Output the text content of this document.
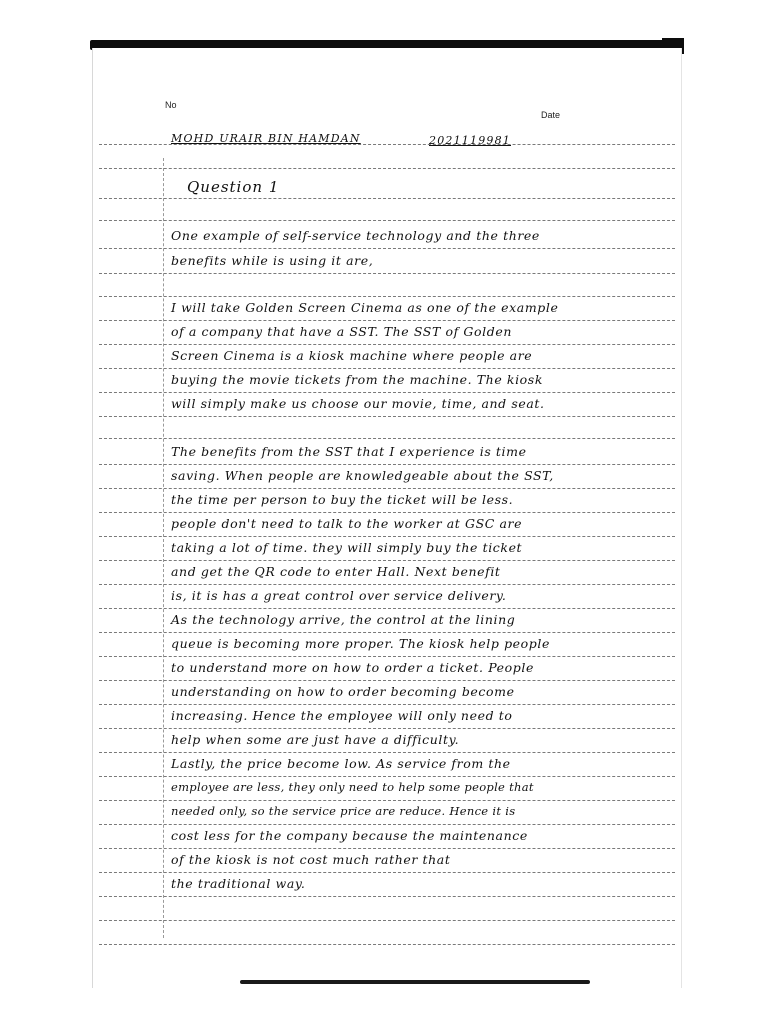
No
Date
MOHD URAIR BIN HAMDAN	2021119981
Question 1
One example of self-service technology and the three
benefits while is using it are,
I will take Golden Screen Cinema as one of the example
of a company that have a SST. The SST of Golden
Screen Cinema is a kiosk machine where people are
buying the movie tickets from the machine. The kiosk
will simply make us choose our movie, time, and seat.
The benefits from the SST that I experience is time
saving. When people are knowledgeable about the SST,
the time per person to buy the ticket will be less.
people don't need to talk to the worker at GSC are
taking a lot of time. they will simply buy the ticket
and get the QR code to enter Hall. Next benefit
is, it is has a great control over service delivery.
As the technology arrive, the control at the lining
queue is becoming more proper. The kiosk help people
to understand more on how to order a ticket. People
understanding on how to order becoming become
increasing. Hence the employee will only need to
help when some are just have a difficulty.
Lastly, the price become low. As service from the
employee are less, they only need to help some people that
needed only, so the service price are reduce. Hence it is
cost less for the company because the maintenance
of the kiosk is not cost much rather that
the traditional way.
